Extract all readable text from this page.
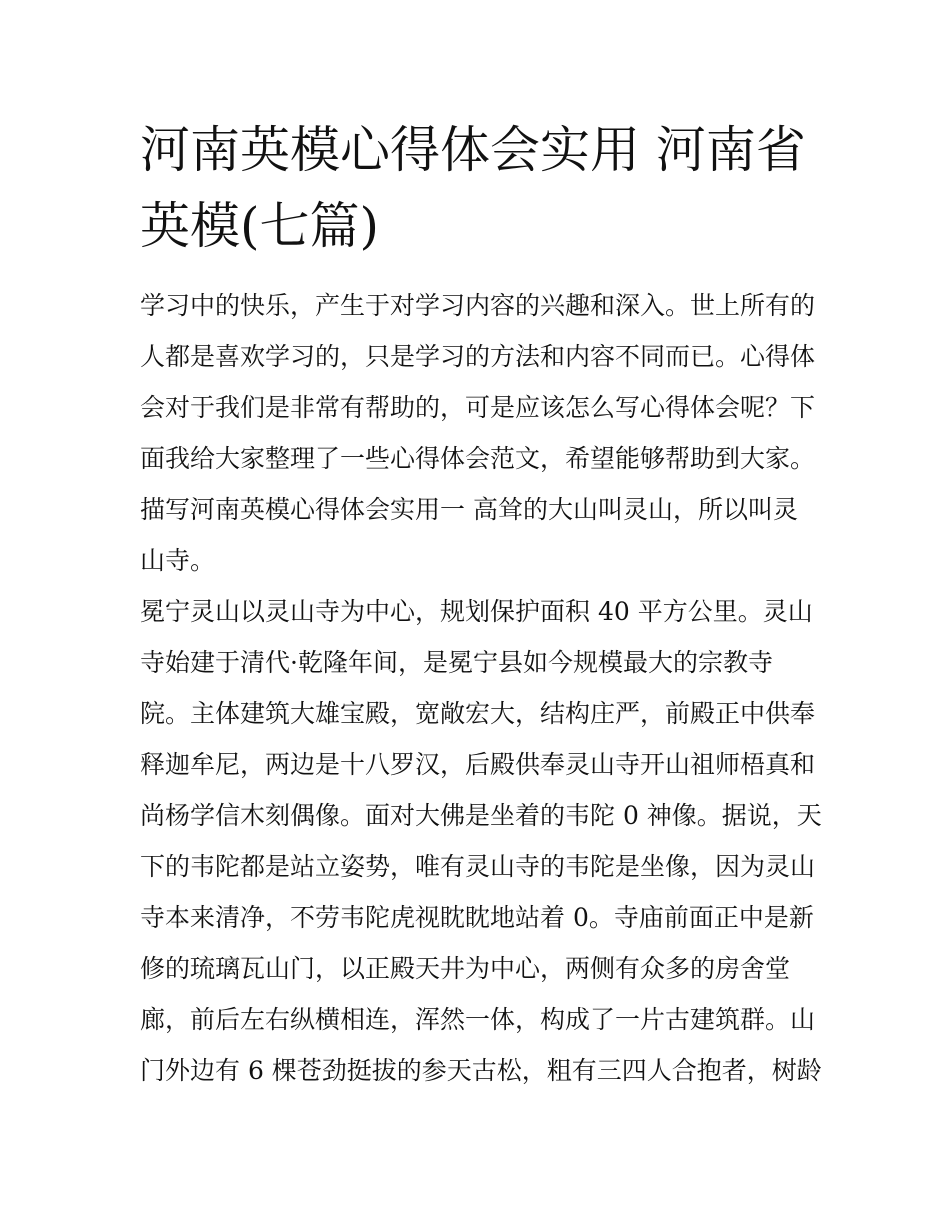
河南英模心得体会实用 河南省
英模(七篇)
学习中的快乐，产生于对学习内容的兴趣和深入。世上所有的
人都是喜欢学习的，只是学习的方法和内容不同而已。心得体
会对于我们是非常有帮助的，可是应该怎么写心得体会呢？下
面我给大家整理了一些心得体会范文，希望能够帮助到大家。
描写河南英模心得体会实用一 高耸的大山叫灵山，所以叫灵
山寺。
冕宁灵山以灵山寺为中心，规划保护面积 40 平方公里。灵山
寺始建于清代·乾隆年间，是冕宁县如今规模最大的宗教寺
院。主体建筑大雄宝殿，宽敞宏大，结构庄严，前殿正中供奉
释迦牟尼，两边是十八罗汉，后殿供奉灵山寺开山祖师梧真和
尚杨学信木刻偶像。面对大佛是坐着的韦陀 0 神像。据说，天
下的韦陀都是站立姿势，唯有灵山寺的韦陀是坐像，因为灵山
寺本来清净，不劳韦陀虎视眈眈地站着 0。寺庙前面正中是新
修的琉璃瓦山门，以正殿天井为中心，两侧有众多的房舍堂
廊，前后左右纵横相连，浑然一体，构成了一片古建筑群。山
门外边有 6 棵苍劲挺拔的参天古松，粗有三四人合抱者，树龄
